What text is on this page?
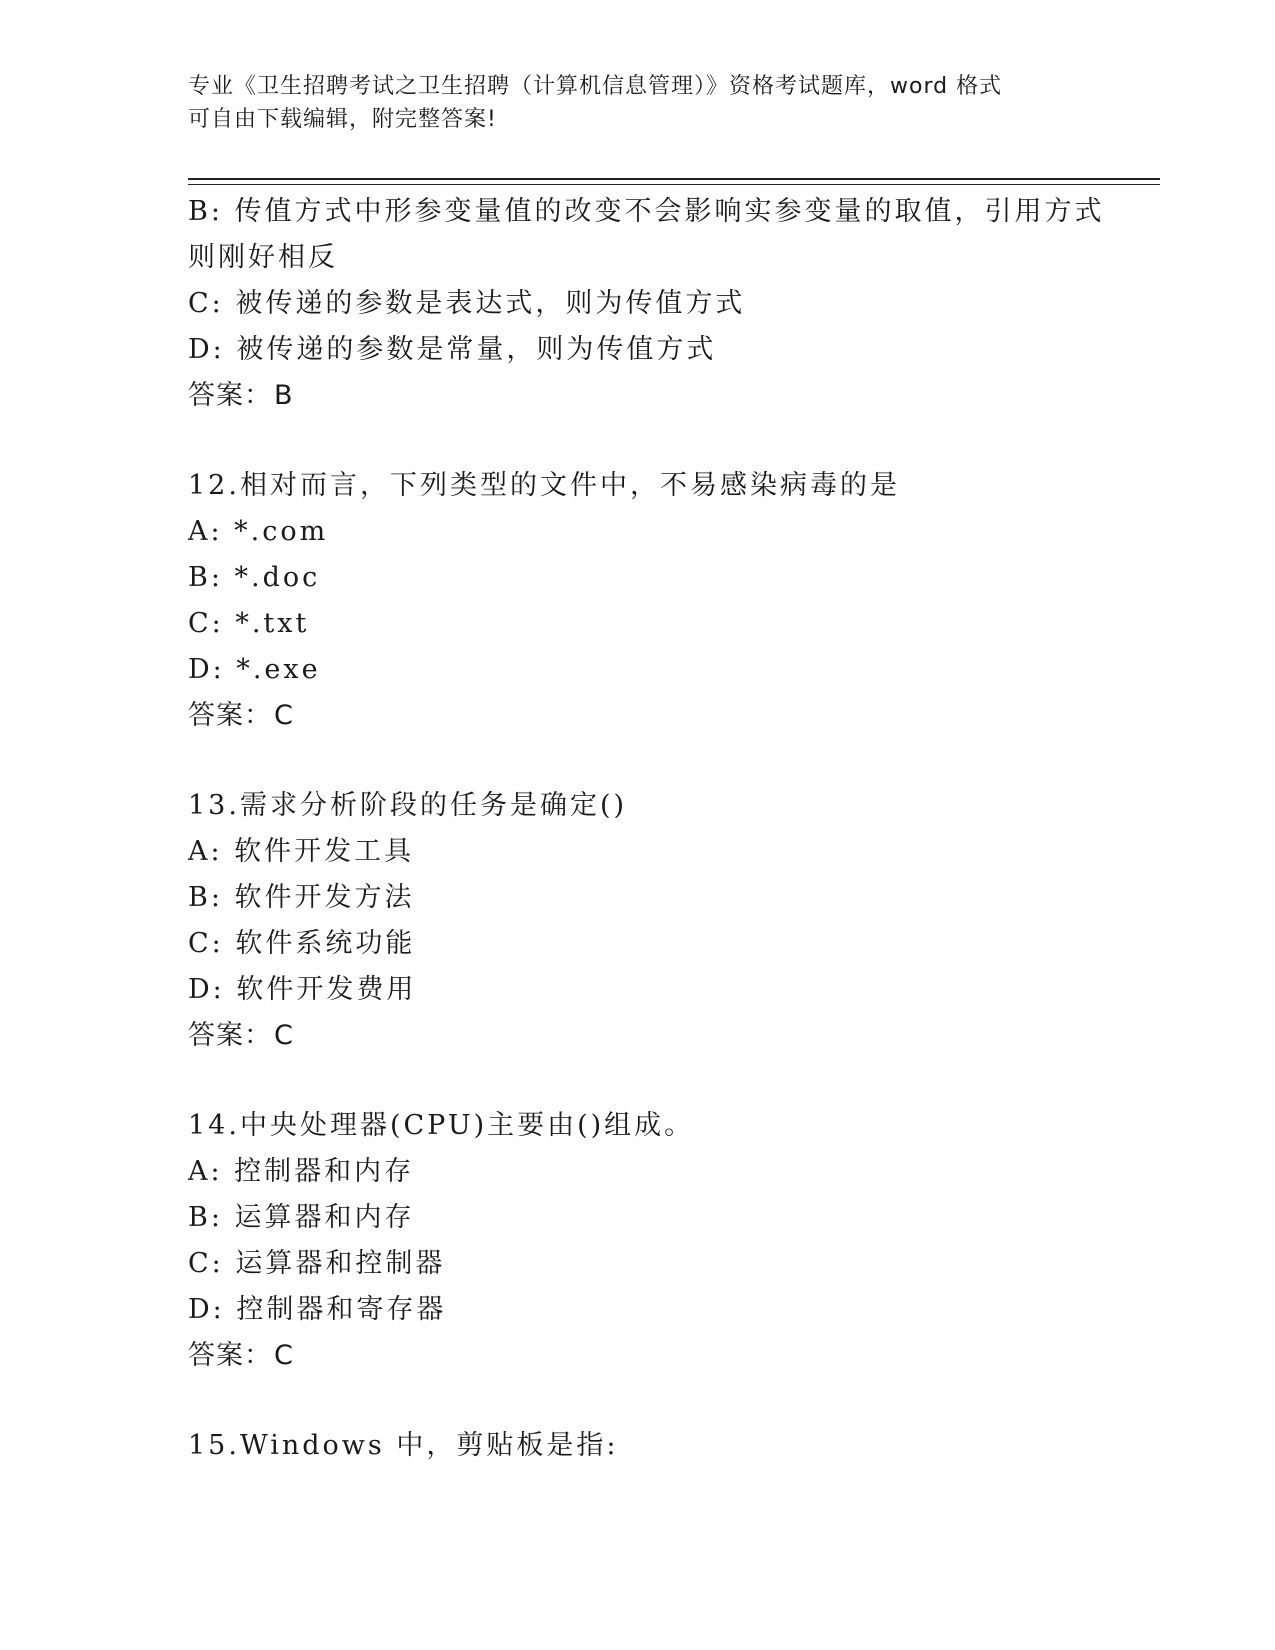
专业《卫生招聘考试之卫生招聘（计算机信息管理）》资格考试题库，word 格式
可自由下载编辑，附完整答案!
B: 传值方式中形参变量值的改变不会影响实参变量的取值，引用方式
则刚好相反
C: 被传递的参数是表达式，则为传值方式
D: 被传递的参数是常量，则为传值方式
答案：B
12.相对而言，下列类型的文件中，不易感染病毒的是
A: *.com
B: *.doc
C: *.txt
D: *.exe
答案：C
13.需求分析阶段的任务是确定()
A: 软件开发工具
B: 软件开发方法
C: 软件系统功能
D: 软件开发费用
答案：C
14.中央处理器(CPU)主要由()组成。
A: 控制器和内存
B: 运算器和内存
C: 运算器和控制器
D: 控制器和寄存器
答案：C
15.Windows 中，剪贴板是指:
